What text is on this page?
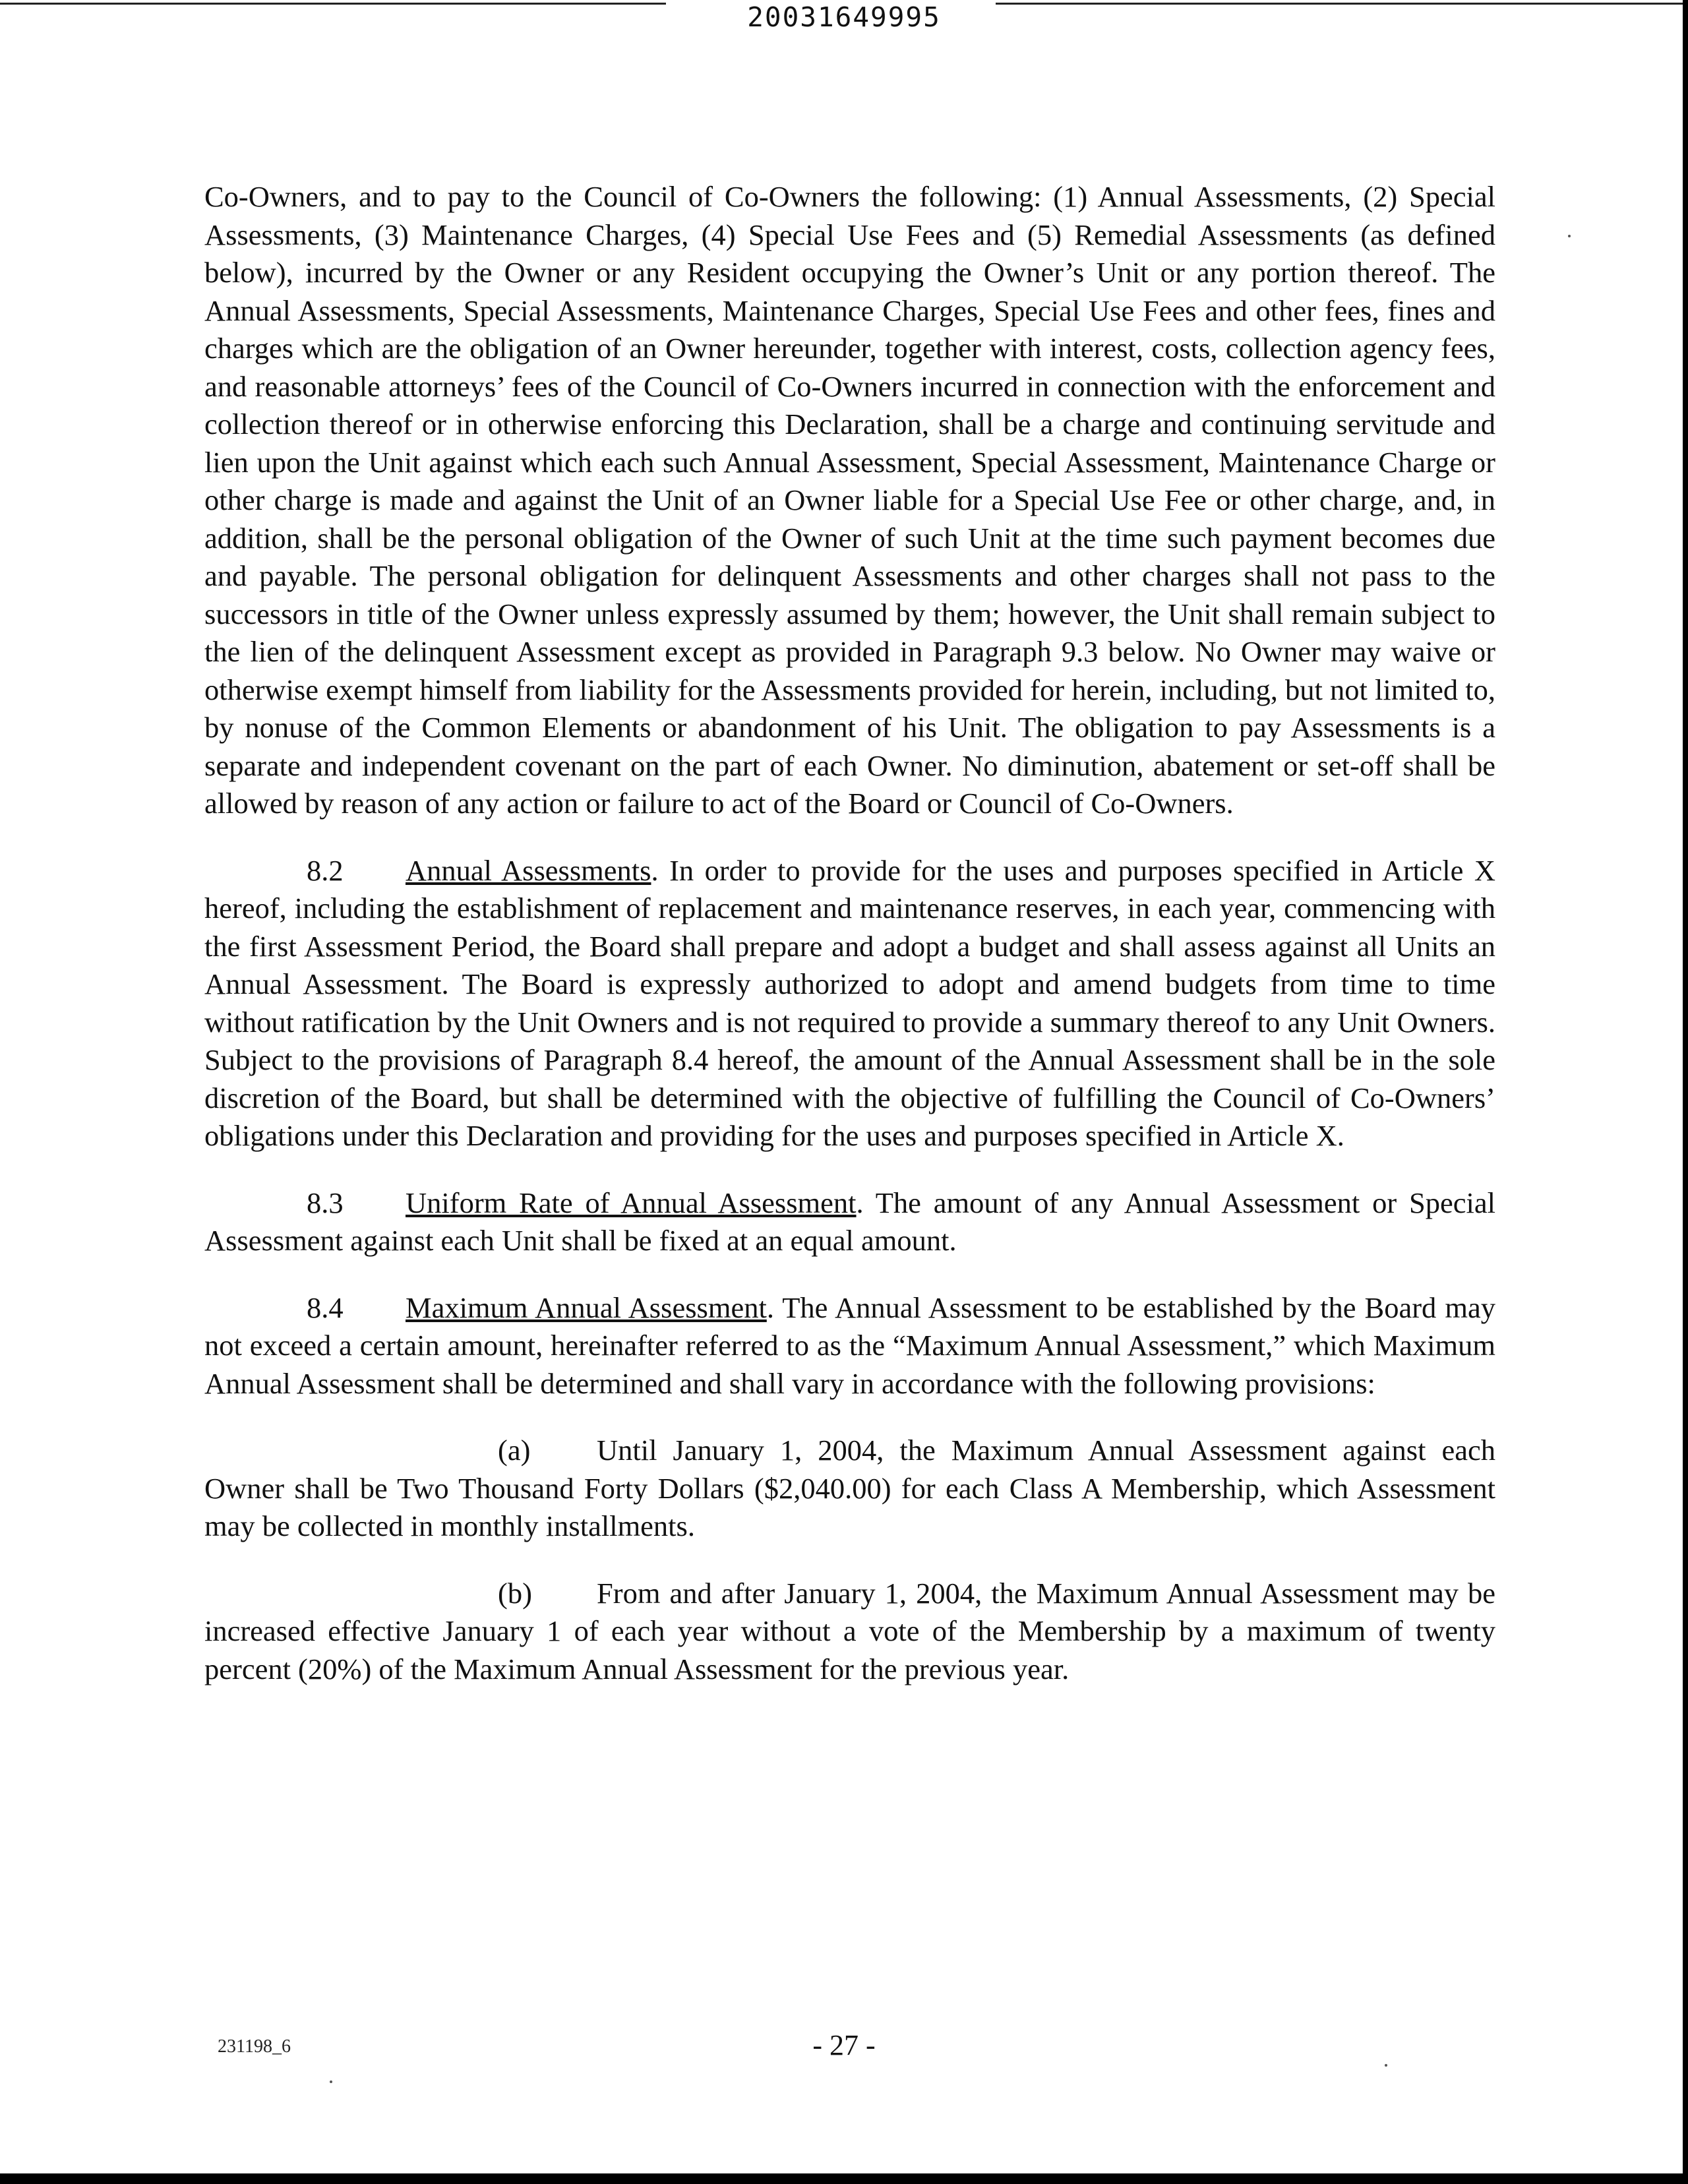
20031649995

Co-Owners, and to pay to the Council of Co-Owners the following: (1) Annual Assessments, (2) Special Assessments, (3) Maintenance Charges, (4) Special Use Fees and (5) Remedial Assessments (as defined below), incurred by the Owner or any Resident occupying the Owner’s Unit or any portion thereof. The Annual Assessments, Special Assessments, Maintenance Charges, Special Use Fees and other fees, fines and charges which are the obligation of an Owner hereunder, together with interest, costs, collection agency fees, and reasonable attorneys’ fees of the Council of Co-Owners incurred in connection with the enforcement and collection thereof or in otherwise enforcing this Declaration, shall be a charge and continuing servitude and lien upon the Unit against which each such Annual Assessment, Special Assessment, Maintenance Charge or other charge is made and against the Unit of an Owner liable for a Special Use Fee or other charge, and, in addition, shall be the personal obligation of the Owner of such Unit at the time such payment becomes due and payable. The personal obligation for delinquent Assessments and other charges shall not pass to the successors in title of the Owner unless expressly assumed by them; however, the Unit shall remain subject to the lien of the delinquent Assessment except as provided in Paragraph 9.3 below. No Owner may waive or otherwise exempt himself from liability for the Assessments provided for herein, including, but not limited to, by nonuse of the Common Elements or abandonment of his Unit. The obligation to pay Assessments is a separate and independent covenant on the part of each Owner. No diminution, abatement or set-off shall be allowed by reason of any action or failure to act of the Board or Council of Co-Owners.

8.2 Annual Assessments. In order to provide for the uses and purposes specified in Article X hereof, including the establishment of replacement and maintenance reserves, in each year, commencing with the first Assessment Period, the Board shall prepare and adopt a budget and shall assess against all Units an Annual Assessment. The Board is expressly authorized to adopt and amend budgets from time to time without ratification by the Unit Owners and is not required to provide a summary thereof to any Unit Owners. Subject to the provisions of Paragraph 8.4 hereof, the amount of the Annual Assessment shall be in the sole discretion of the Board, but shall be determined with the objective of fulfilling the Council of Co-Owners’ obligations under this Declaration and providing for the uses and purposes specified in Article X.

8.3 Uniform Rate of Annual Assessment. The amount of any Annual Assessment or Special Assessment against each Unit shall be fixed at an equal amount.

8.4 Maximum Annual Assessment. The Annual Assessment to be established by the Board may not exceed a certain amount, hereinafter referred to as the “Maximum Annual Assessment,” which Maximum Annual Assessment shall be determined and shall vary in accordance with the following provisions:

(a) Until January 1, 2004, the Maximum Annual Assessment against each Owner shall be Two Thousand Forty Dollars ($2,040.00) for each Class A Membership, which Assessment may be collected in monthly installments.

(b) From and after January 1, 2004, the Maximum Annual Assessment may be increased effective January 1 of each year without a vote of the Membership by a maximum of twenty percent (20%) of the Maximum Annual Assessment for the previous year.

231198_6	- 27 -
